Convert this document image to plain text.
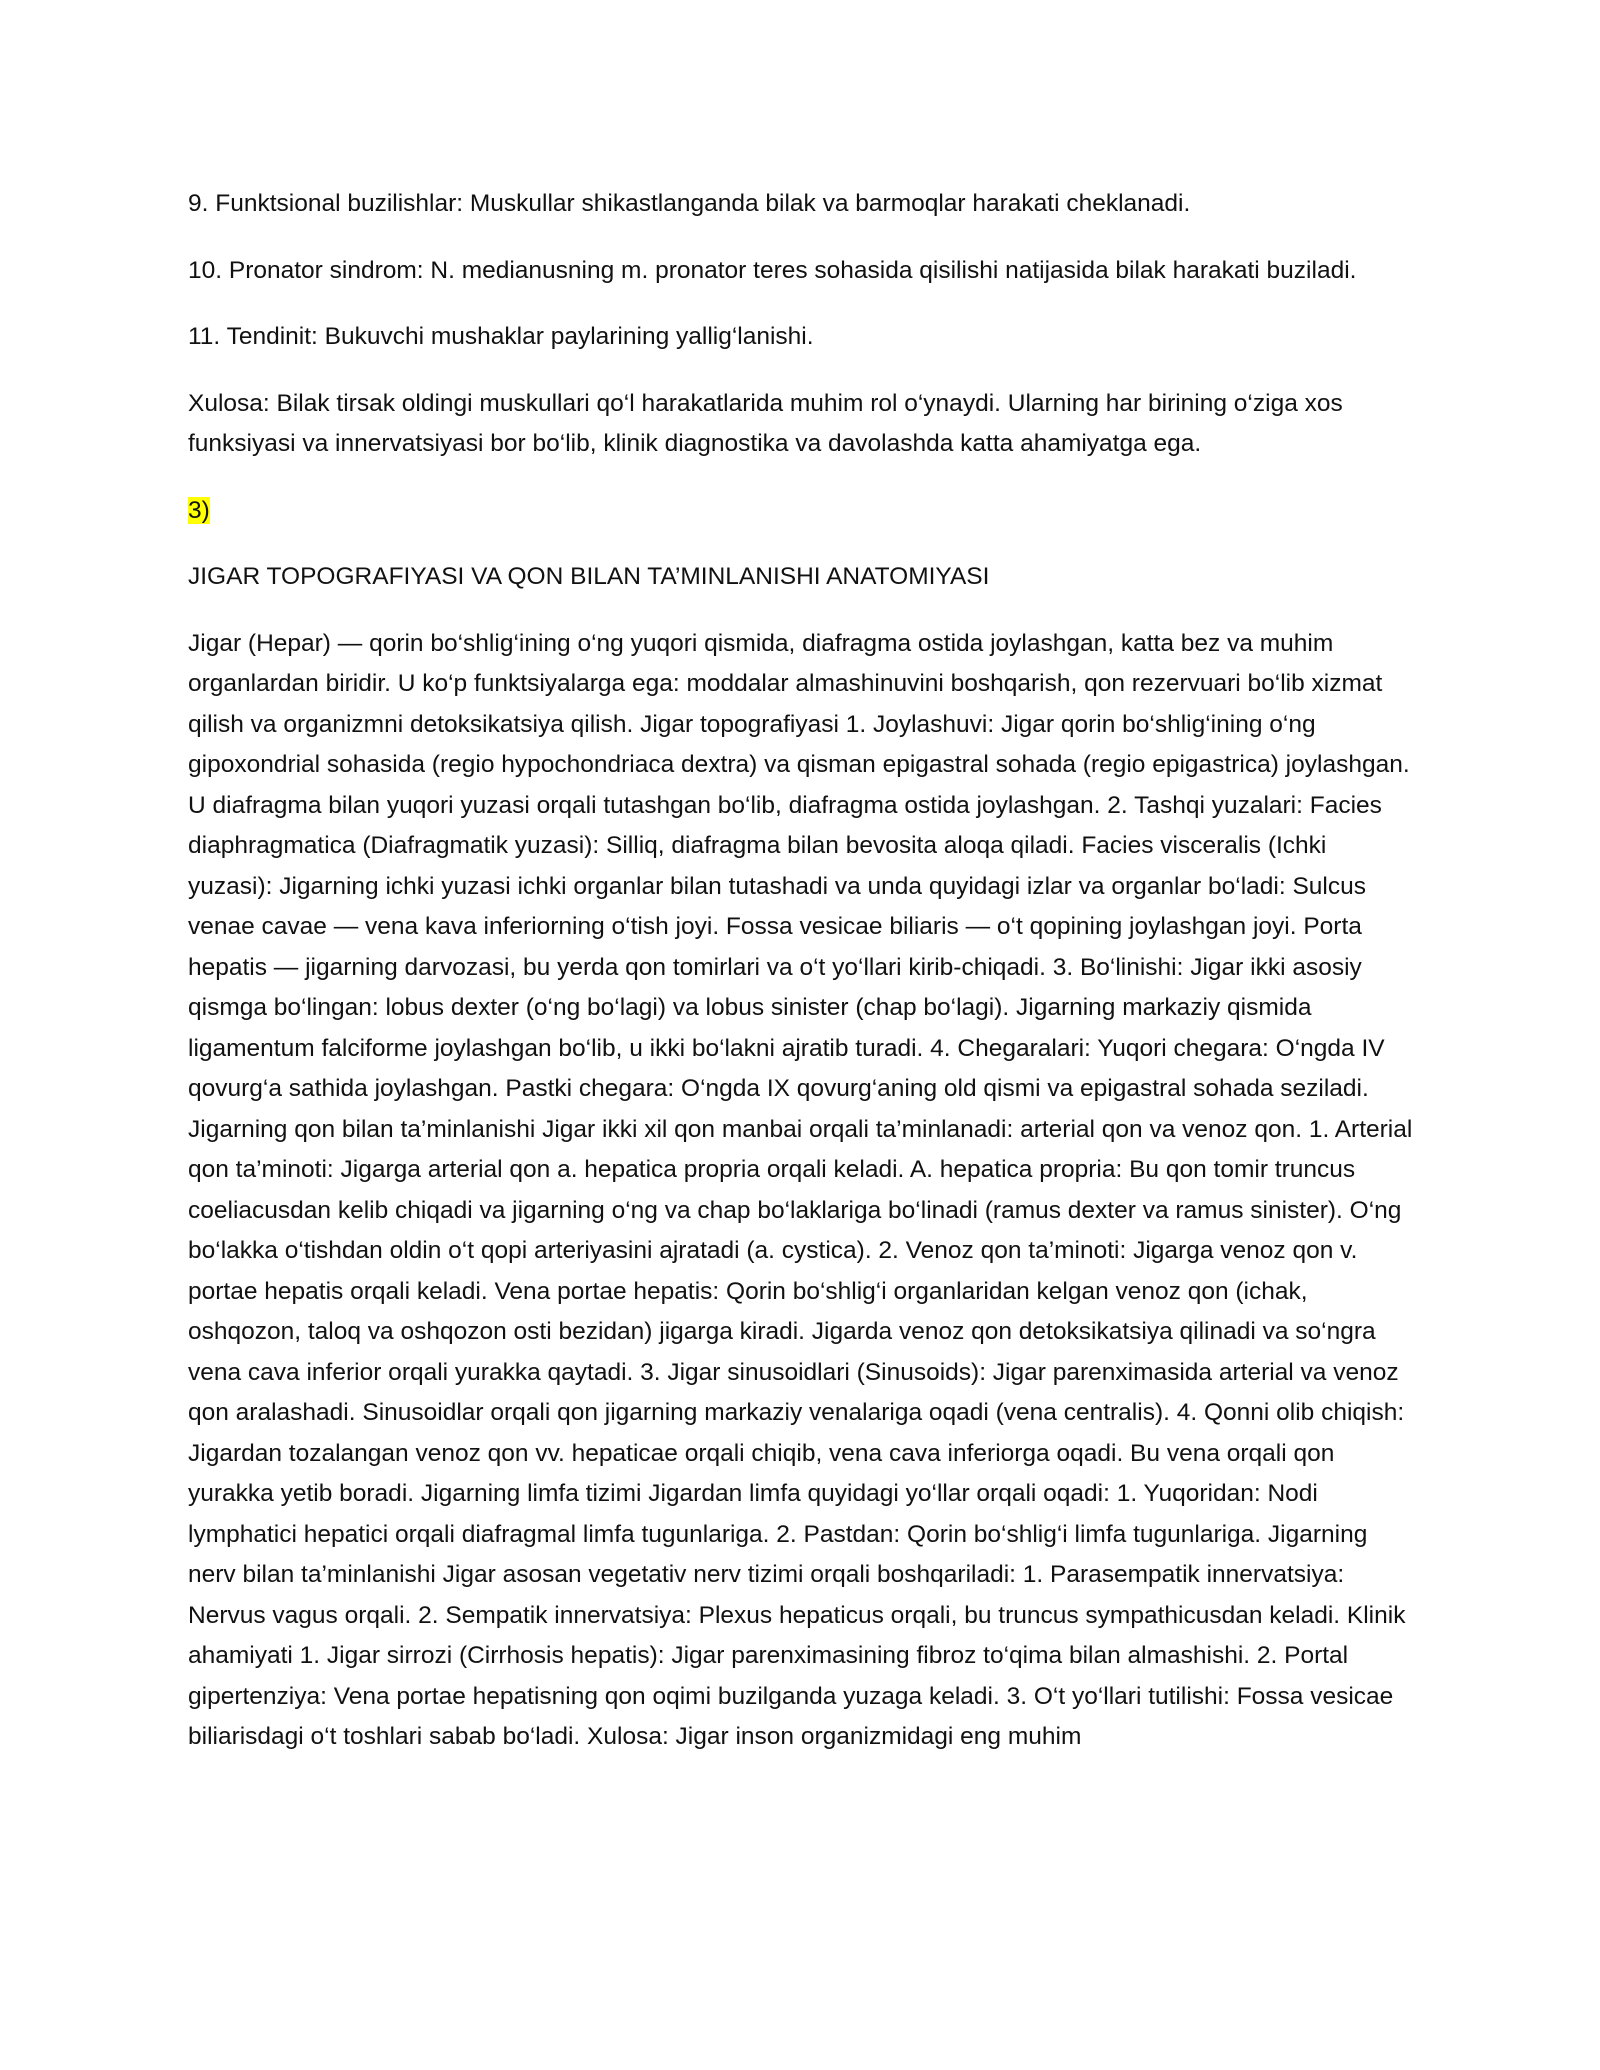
9. Funktsional buzilishlar: Muskullar shikastlanganda bilak va barmoqlar harakati cheklanadi.

10. Pronator sindrom: N. medianusning m. pronator teres sohasida qisilishi natijasida bilak harakati buziladi.

11. Tendinit: Bukuvchi mushaklar paylarining yallig‘lanishi.

Xulosa: Bilak tirsak oldingi muskullari qo‘l harakatlarida muhim rol o‘ynaydi. Ularning har birining o‘ziga xos funksiyasi va innervatsiyasi bor bo‘lib, klinik diagnostika va davolashda katta ahamiyatga ega.

3)

JIGAR TOPOGRAFIYASI VA QON BILAN TA’MINLANISHI ANATOMIYASI

Jigar (Hepar) — qorin bo‘shlig‘ining o‘ng yuqori qismida, diafragma ostida joylashgan, katta bez va muhim organlardan biridir. U ko‘p funktsiyalarga ega: moddalar almashinuvini boshqarish, qon rezervuari bo‘lib xizmat qilish va organizmni detoksikatsiya qilish. Jigar topografiyasi 1. Joylashuvi: Jigar qorin bo‘shlig‘ining o‘ng gipoxondrial sohasida (regio hypochondriaca dextra) va qisman epigastral sohada (regio epigastrica) joylashgan. U diafragma bilan yuqori yuzasi orqali tutashgan bo‘lib, diafragma ostida joylashgan. 2. Tashqi yuzalari: Facies diaphragmatica (Diafragmatik yuzasi): Silliq, diafragma bilan bevosita aloqa qiladi. Facies visceralis (Ichki yuzasi): Jigarning ichki yuzasi ichki organlar bilan tutashadi va unda quyidagi izlar va organlar bo‘ladi: Sulcus venae cavae — vena kava inferiorning o‘tish joyi. Fossa vesicae biliaris — o‘t qopining joylashgan joyi. Porta hepatis — jigarning darvozasi, bu yerda qon tomirlari va o‘t yo‘llari kirib-chiqadi. 3. Bo‘linishi: Jigar ikki asosiy qismga bo‘lingan: lobus dexter (o‘ng bo‘lagi) va lobus sinister (chap bo‘lagi). Jigarning markaziy qismida ligamentum falciforme joylashgan bo‘lib, u ikki bo‘lakni ajratib turadi. 4. Chegaralari: Yuqori chegara: O‘ngda IV qovurg‘a sathida joylashgan. Pastki chegara: O‘ngda IX qovurg‘aning old qismi va epigastral sohada seziladi. Jigarning qon bilan ta’minlanishi Jigar ikki xil qon manbai orqali ta’minlanadi: arterial qon va venoz qon. 1. Arterial qon ta’minoti: Jigarga arterial qon a. hepatica propria orqali keladi. A. hepatica propria: Bu qon tomir truncus coeliacusdan kelib chiqadi va jigarning o‘ng va chap bo‘laklariga bo‘linadi (ramus dexter va ramus sinister). O‘ng bo‘lakka o‘tishdan oldin o‘t qopi arteriyasini ajratadi (a. cystica). 2. Venoz qon ta’minoti: Jigarga venoz qon v. portae hepatis orqali keladi. Vena portae hepatis: Qorin bo‘shlig‘i organlaridan kelgan venoz qon (ichak, oshqozon, taloq va oshqozon osti bezidan) jigarga kiradi. Jigarda venoz qon detoksikatsiya qilinadi va so‘ngra vena cava inferior orqali yurakka qaytadi. 3. Jigar sinusoidlari (Sinusoids): Jigar parenximasida arterial va venoz qon aralashadi. Sinusoidlar orqali qon jigarning markaziy venalariga oqadi (vena centralis). 4. Qonni olib chiqish: Jigardan tozalangan venoz qon vv. hepaticae orqali chiqib, vena cava inferiorga oqadi. Bu vena orqali qon yurakka yetib boradi. Jigarning limfa tizimi Jigardan limfa quyidagi yo‘llar orqali oqadi: 1. Yuqoridan: Nodi lymphatici hepatici orqali diafragmal limfa tugunlariga. 2. Pastdan: Qorin bo‘shlig‘i limfa tugunlariga. Jigarning nerv bilan ta’minlanishi Jigar asosan vegetativ nerv tizimi orqali boshqariladi: 1. Parasempatik innervatsiya: Nervus vagus orqali. 2. Sempatik innervatsiya: Plexus hepaticus orqali, bu truncus sympathicusdan keladi. Klinik ahamiyati 1. Jigar sirrozi (Cirrhosis hepatis): Jigar parenximasining fibroz to‘qima bilan almashishi. 2. Portal gipertenziya: Vena portae hepatisning qon oqimi buzilganda yuzaga keladi. 3. O‘t yo‘llari tutilishi: Fossa vesicae biliarisdagi o‘t toshlari sabab bo‘ladi. Xulosa: Jigar inson organizmidagi eng muhim
